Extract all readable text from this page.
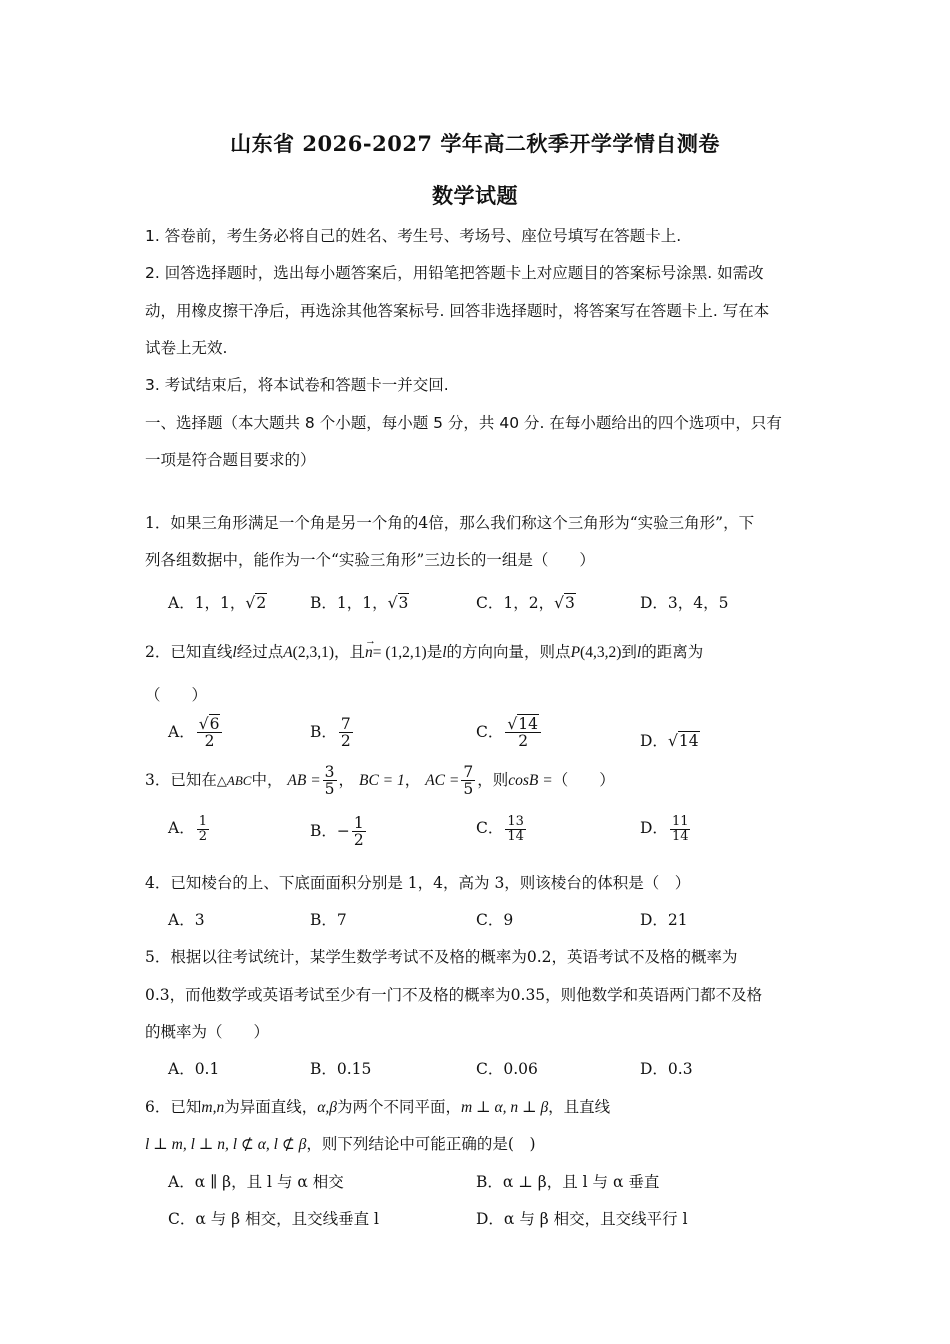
山东省 2026-2027 学年高二秋季开学学情自测卷
数学试题
1. 答卷前，考生务必将自己的姓名、考生号、考场号、座位号填写在答题卡上.
2. 回答选择题时，选出每小题答案后，用铅笔把答题卡上对应题目的答案标号涂黑. 如需改
动，用橡皮擦干净后，再选涂其他答案标号. 回答非选择题时，将答案写在答题卡上. 写在本
试卷上无效.
3. 考试结束后，将本试卷和答题卡一并交回.
一、选择题（本大题共 8 个小题，每小题 5 分，共 40 分. 在每小题给出的四个选项中，只有
一项是符合题目要求的）
1．如果三角形满足一个角是另一个角的4倍，那么我们称这个三角形为“实验三角形”，下
列各组数据中，能作为一个“实验三角形”三边长的一组是（　　）
A．1，1，√2	B．1，1，√3	C．1，2，√3	D．3，4，5
2．已知直线l经过点A(2,3,1)，且n
→
= (1,2,1)是l的方向向量，则点P(4,3,2)到l的距离为
（　　）
A． $\frac{√6}{2}$	B． $\frac{7}{2}$	C． $\frac{√14}{2}$	D．√14
3．已知在△ABC中， AB = $\frac{3}{5}$ ， BC = 1， AC = $\frac{7}{5}$ ，则cosB =（　　）
A． $\frac{1}{2}$	B．− $\frac{1}{2}$	C． $\frac{13}{14}$	D． $\frac{11}{14}$
4．已知棱台的上、下底面面积分别是 1，4，高为 3，则该棱台的体积是（　）
A．3	B．7	C．9	D．21
5．根据以往考试统计，某学生数学考试不及格的概率为0.2，英语考试不及格的概率为
0.3，而他数学或英语考试至少有一门不及格的概率为0.35，则他数学和英语两门都不及格
的概率为（　　）
A．0.1	B．0.15	C．0.06	D．0.3
6．已知m,n为异面直线，α,β为两个不同平面，m ⊥ α, n ⊥ β，且直线
l ⊥ m, l ⊥ n, l ⊄ α, l ⊄ β，则下列结论中可能正确的是(　)
A．α ∥ β，且 l 与 α 相交	B．α ⊥ β，且 l 与 α 垂直
C．α 与 β 相交，且交线垂直 l	D．α 与 β 相交，且交线平行 l
